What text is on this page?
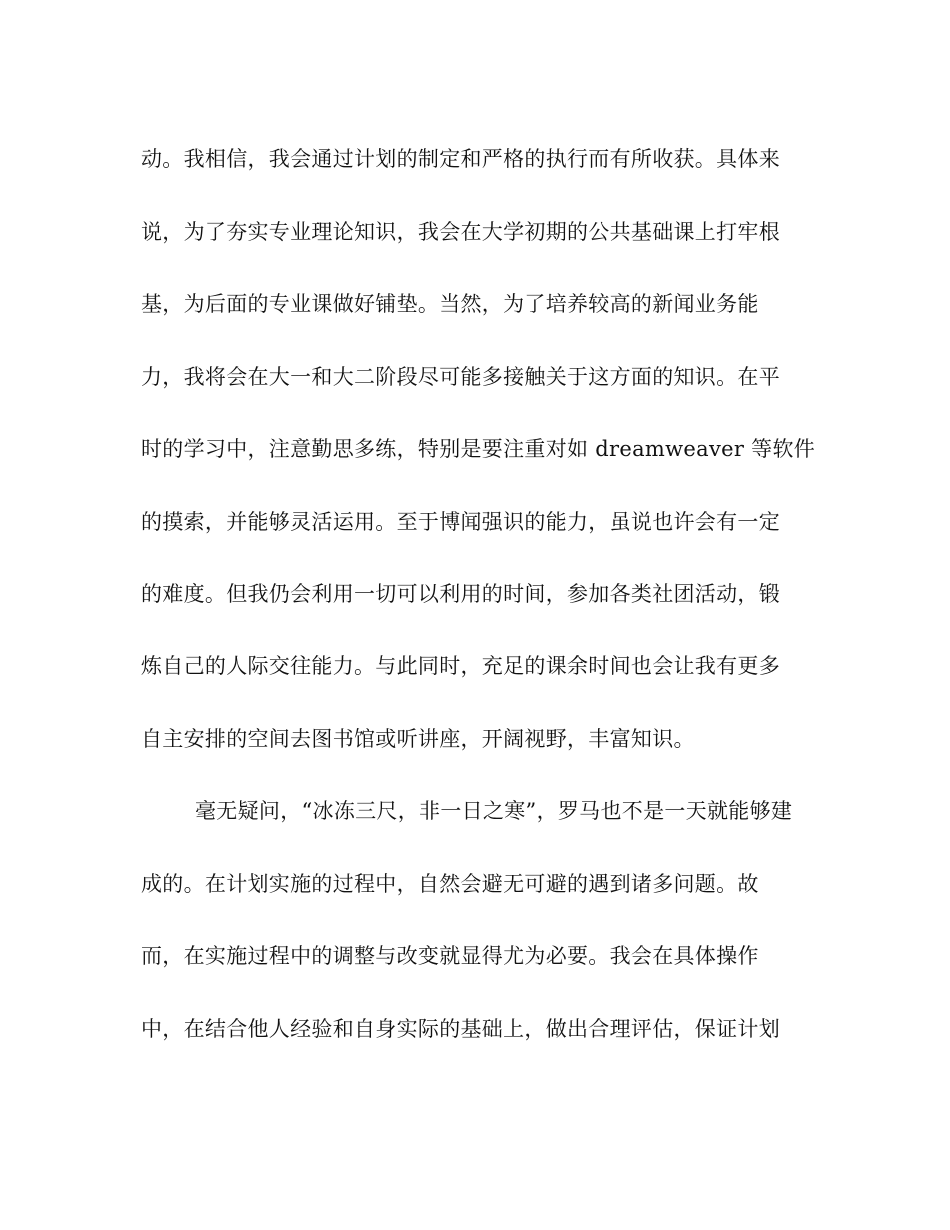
动。我相信，我会通过计划的制定和严格的执行而有所收获。具体来
说，为了夯实专业理论知识，我会在大学初期的公共基础课上打牢根
基，为后面的专业课做好铺垫。当然，为了培养较高的新闻业务能
力，我将会在大一和大二阶段尽可能多接触关于这方面的知识。在平
时的学习中，注意勤思多练，特别是要注重对如 dreamweaver 等软件
的摸索，并能够灵活运用。至于博闻强识的能力，虽说也许会有一定
的难度。但我仍会利用一切可以利用的时间，参加各类社团活动，锻
炼自己的人际交往能力。与此同时，充足的课余时间也会让我有更多
自主安排的空间去图书馆或听讲座，开阔视野，丰富知识。
毫无疑问，“冰冻三尺，非一日之寒”，罗马也不是一天就能够建
成的。在计划实施的过程中，自然会避无可避的遇到诸多问题。故
而，在实施过程中的调整与改变就显得尤为必要。我会在具体操作
中，在结合他人经验和自身实际的基础上，做出合理评估，保证计划
